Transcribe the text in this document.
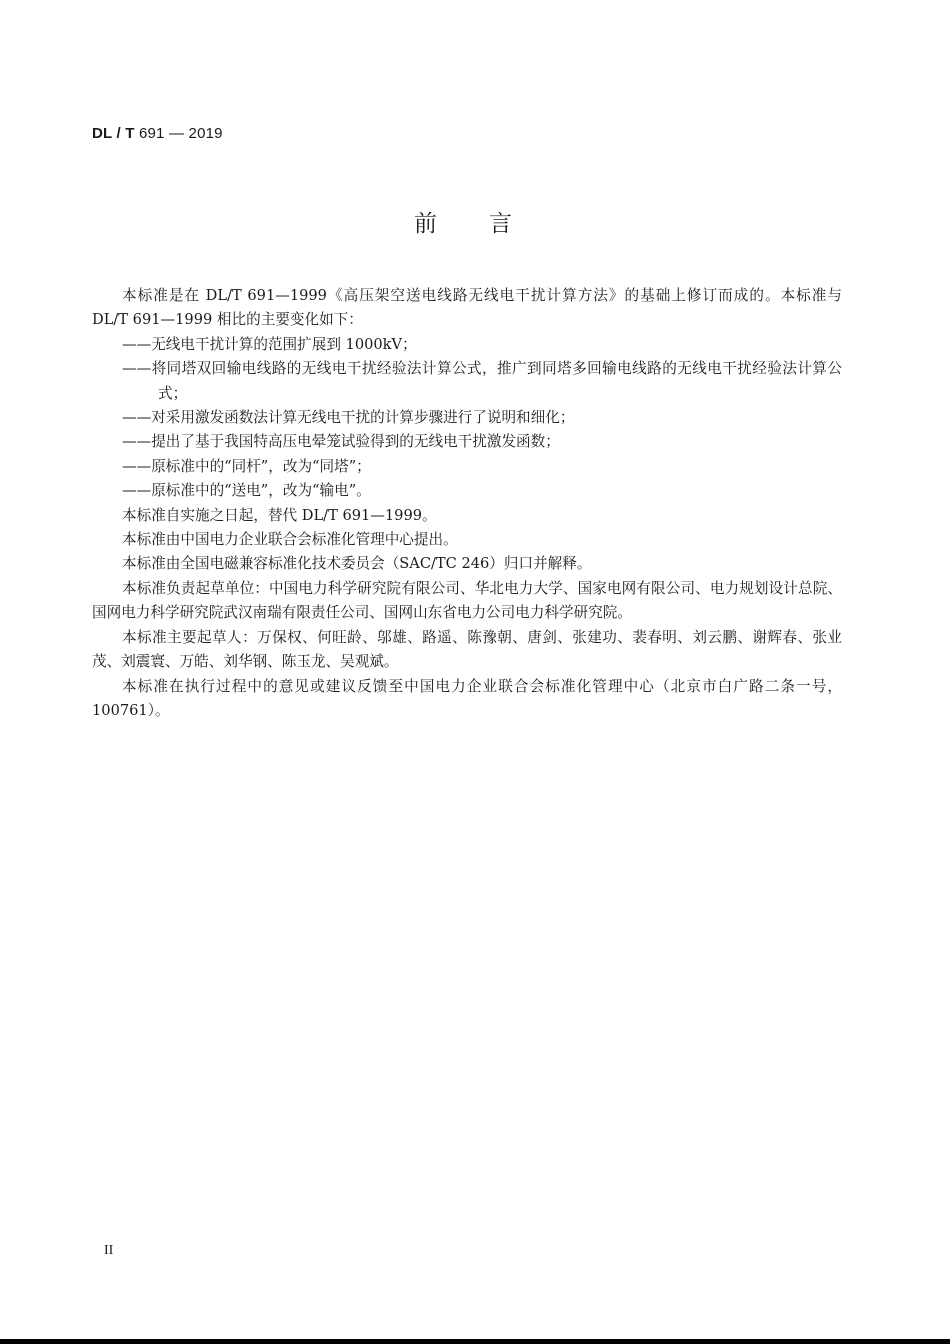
DL / T 691 — 2019
前言

本标准是在 DL/T 691—1999《高压架空送电线路无线电干扰计算方法》的基础上修订而成的。本标准与 DL/T 691—1999 相比的主要变化如下：

——无线电干扰计算的范围扩展到 1000kV；

——将同塔双回输电线路的无线电干扰经验法计算公式，推广到同塔多回输电线路的无线电干扰经验法计算公式；

——对采用激发函数法计算无线电干扰的计算步骤进行了说明和细化；

——提出了基于我国特高压电晕笼试验得到的无线电干扰激发函数；

——原标准中的“同杆”，改为“同塔”；

——原标准中的“送电”，改为“输电”。

本标准自实施之日起，替代 DL/T 691—1999。

本标准由中国电力企业联合会标准化管理中心提出。

本标准由全国电磁兼容标准化技术委员会（SAC/TC 246）归口并解释。

本标准负责起草单位：中国电力科学研究院有限公司、华北电力大学、国家电网有限公司、电力规划设计总院、国网电力科学研究院武汉南瑞有限责任公司、国网山东省电力公司电力科学研究院。

本标准主要起草人：万保权、何旺龄、邬雄、路遥、陈豫朝、唐剑、张建功、裴春明、刘云鹏、谢辉春、张业茂、刘震寰、万皓、刘华钢、陈玉龙、吴观斌。

本标准在执行过程中的意见或建议反馈至中国电力企业联合会标准化管理中心（北京市白广路二条一号，100761）。

II
